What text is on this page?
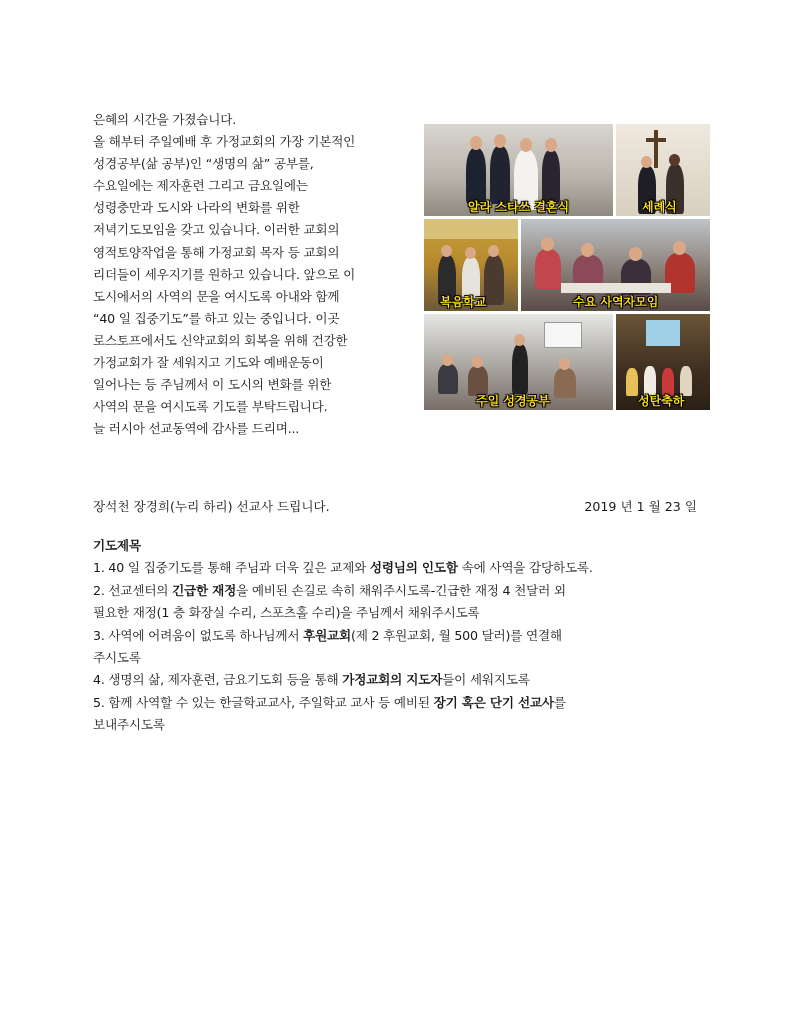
은혜의 시간을 가졌습니다.

올 해부터 주일예배 후 가정교회의 가장 기본적인

성경공부(삶 공부)인 “생명의 삶” 공부를,

수요일에는 제자훈련 그리고 금요일에는

성령충만과 도시와 나라의 변화를 위한

저녁기도모임을 갖고 있습니다. 이러한 교회의

영적토양작업을 통해 가정교회 목자 등 교회의

리더들이 세우지기를 원하고 있습니다. 앞으로 이

도시에서의 사역의 문을 여시도록 아내와 함께

“40 일 집중기도”를 하고 있는 중입니다. 이곳

로스토프에서도 신약교회의 회복을 위해 건강한

가정교회가 잘 세워지고 기도와 예배운동이

일어나는 등 주님께서 이 도시의 변화를 위한

사역의 문을 여시도록 기도를 부탁드립니다.

늘 러시아 선교동역에 감사를 드리며...

알라 스타쓰 결혼식	세례식
복음학교	수요 사역자모임
주일 성경공부	성탄축하
장석천 장경희(누리 하리) 선교사 드립니다.	2019 년 1 월 23 일
기도제목

1. 40 일 집중기도를 통해 주님과 더욱 깊은 교제와 성령님의 인도함 속에 사역을 감당하도록.

2. 선교센터의 긴급한 재정을 예비된 손길로 속히 채워주시도록-긴급한 재정 4 천달러 외

필요한 재정(1 층 화장실 수리, 스포츠홀 수리)을 주님께서 채워주시도록

3. 사역에 어려움이 없도록 하나님께서 후원교회(제 2 후원교회, 월 500 달러)를 연결해

주시도록

4. 생명의 삶, 제자훈련, 금요기도회 등을 통해 가정교회의 지도자들이 세워지도록

5. 함께 사역할 수 있는 한글학교교사, 주일학교 교사 등 예비된 장기 혹은 단기 선교사를

보내주시도록
